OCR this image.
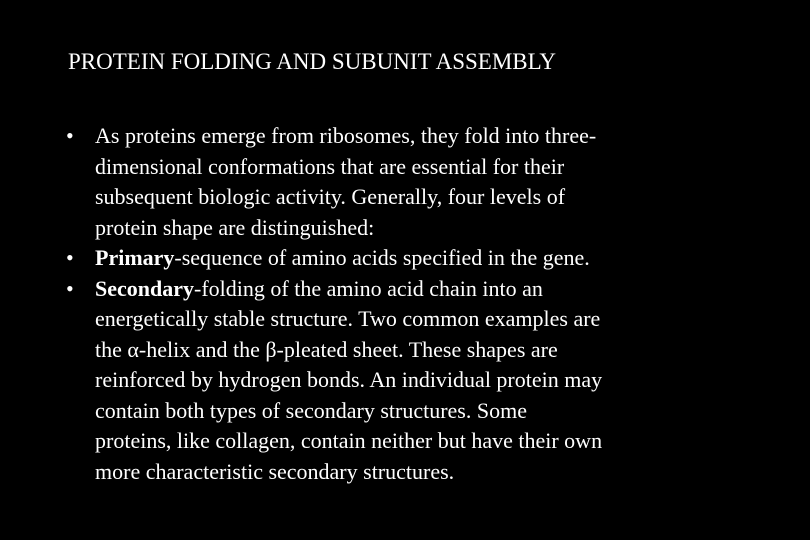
PROTEIN FOLDING AND SUBUNIT ASSEMBLY
• As proteins emerge from ribosomes, they fold into three-
dimensional conformations that are essential for their
subsequent biologic activity. Generally, four levels of
protein shape are distinguished:
• Primary-sequence of amino acids specified in the gene.
• Secondary-folding of the amino acid chain into an
energetically stable structure. Two common examples are
the α-helix and the β-pleated sheet. These shapes are
reinforced by hydrogen bonds. An individual protein may
contain both types of secondary structures. Some
proteins, like collagen, contain neither but have their own
more characteristic secondary structures.
